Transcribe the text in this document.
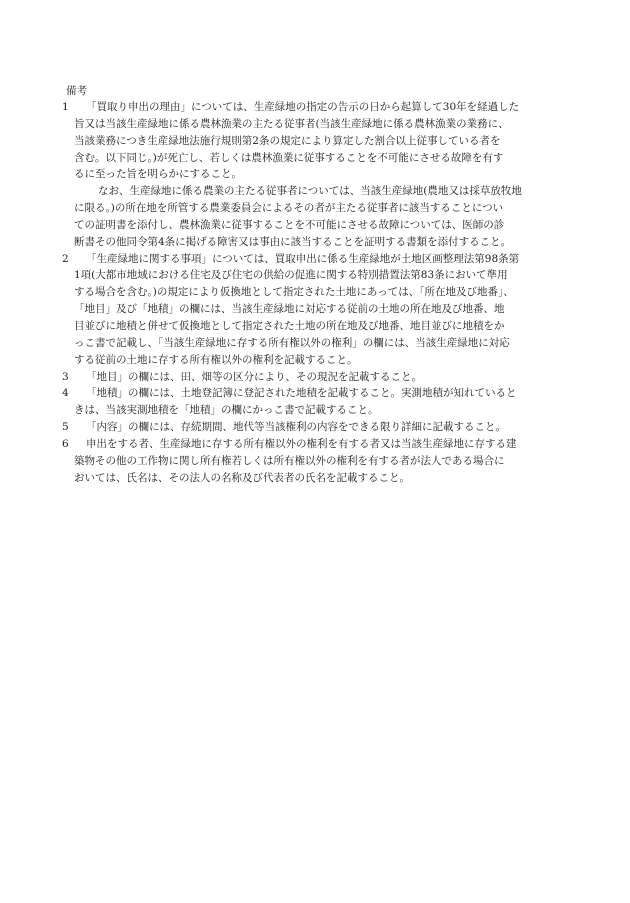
備考
1	「買取り申出の理由」については、生産緑地の指定の告示の日から起算して30年を経過した
旨又は当該生産緑地に係る農林漁業の主たる従事者(当該生産緑地に係る農林漁業の業務に、
当該業務につき生産緑地法施行規則第2条の規定により算定した割合以上従事している者を
含む。以下同じ。)が死亡し、若しくは農林漁業に従事することを不可能にさせる故障を有す
るに至った旨を明らかにすること。
なお、生産緑地に係る農業の主たる従事者については、当該生産緑地(農地又は採草放牧地
に限る。)の所在地を所管する農業委員会によるその者が主たる従事者に該当することについ
ての証明書を添付し、農林漁業に従事することを不可能にさせる故障については、医師の診
断書その他同令第4条に掲げる障害又は事由に該当することを証明する書類を添付すること。
2	「生産緑地に関する事項」については、買取申出に係る生産緑地が土地区画整理法第98条第
1項(大都市地域における住宅及び住宅の供給の促進に関する特別措置法第83条において準用
する場合を含む。)の規定により仮換地として指定された土地にあっては、「所在地及び地番」、
「地目」及び「地積」の欄には、当該生産緑地に対応する従前の土地の所在地及び地番、地
目並びに地積と併せて仮換地として指定された土地の所在地及び地番、地目並びに地積をか
っこ書で記載し、「当該生産緑地に存する所有権以外の権利」の欄には、当該生産緑地に対応
する従前の土地に存する所有権以外の権利を記載すること。
3	「地目」の欄には、田、畑等の区分により、その現況を記載すること。
4	「地積」の欄には、土地登記簿に登記された地積を記載すること。実測地積が知れていると
きは、当該実測地積を「地積」の欄にかっこ書で記載すること。
5	「内容」の欄には、存続期間、地代等当該権利の内容をできる限り詳細に記載すること。
6	申出をする者、生産緑地に存する所有権以外の権利を有する者又は当該生産緑地に存する建
築物その他の工作物に関し所有権若しくは所有権以外の権利を有する者が法人である場合に
おいては、氏名は、その法人の名称及び代表者の氏名を記載すること。
